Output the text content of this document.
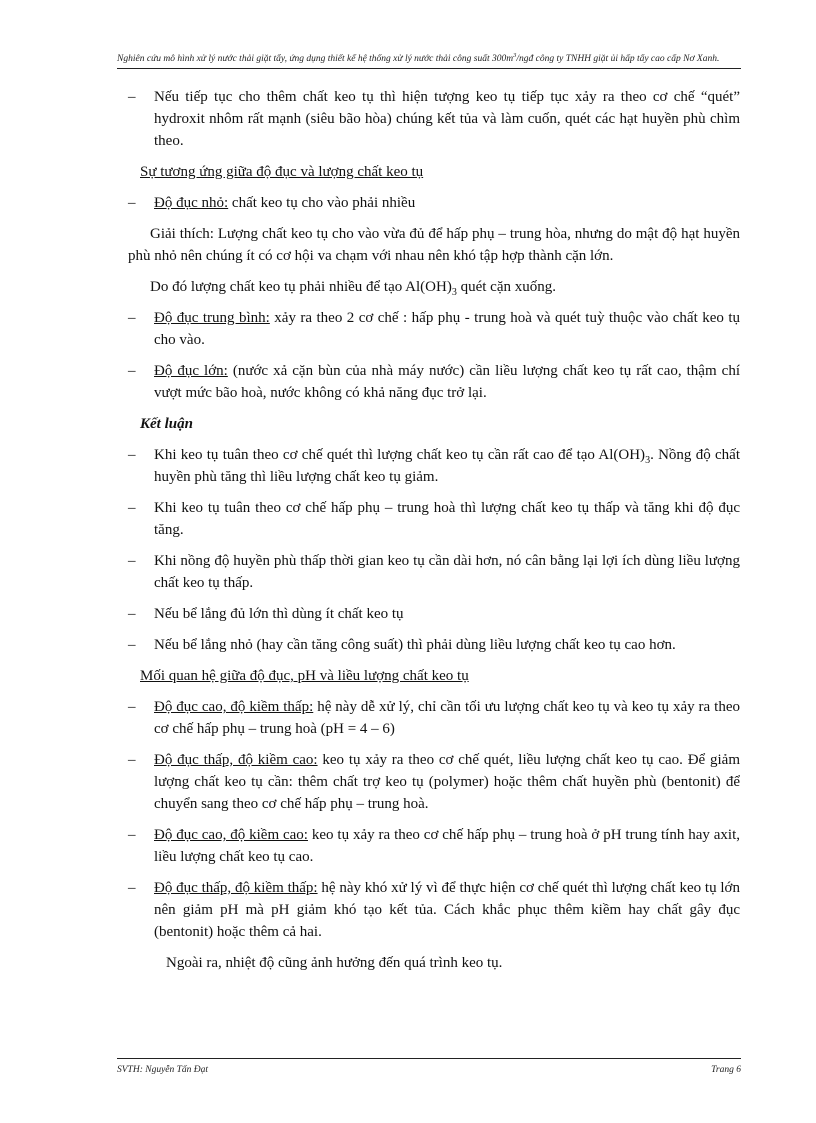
Nghiên cứu mô hình xử lý nước thải giặt tẩy, ứng dụng thiết kế hệ thống xử lý nước thải công suất $300m^3$/ngđ công ty TNHH giặt ủi hấp tẩy cao cấp Nơ Xanh.
– Nếu tiếp tục cho thêm chất keo tụ thì hiện tượng keo tụ tiếp tục xảy ra theo cơ chế “quét” hydroxit nhôm rất mạnh (siêu bão hòa) chúng kết tủa và làm cuốn, quét các hạt huyền phù chìm theo.
Sự tương ứng giữa độ đục và lượng chất keo tụ
– Độ đục nhỏ: chất keo tụ cho vào phải nhiều
Giải thích: Lượng chất keo tụ cho vào vừa đủ để hấp phụ – trung hòa, nhưng do mật độ hạt huyền phù nhỏ nên chúng ít có cơ hội va chạm với nhau nên khó tập hợp thành cặn lớn.
Do đó lượng chất keo tụ phải nhiều để tạo $Al(OH)_3$ quét cặn xuống.
– Độ đục trung bình: xảy ra theo 2 cơ chế : hấp phụ - trung hoà và quét tuỳ thuộc vào chất keo tụ cho vào.
– Độ đục lớn: (nước xả cặn bùn của nhà máy nước) cần liều lượng chất keo tụ rất cao, thậm chí vượt mức bão hoà, nước không có khả năng đục trở lại.
Kết luận
– Khi keo tụ tuân theo cơ chế quét thì lượng chất keo tụ cần rất cao để tạo $Al(OH)_3$. Nồng độ chất huyền phù tăng thì liều lượng chất keo tụ giảm.
– Khi keo tụ tuân theo cơ chế hấp phụ – trung hoà thì lượng chất keo tụ thấp và tăng khi độ đục tăng.
– Khi nồng độ huyền phù thấp thời gian keo tụ cần dài hơn, nó cân bằng lại lợi ích dùng liều lượng chất keo tụ thấp.
– Nếu bể lắng đủ lớn thì dùng ít chất keo tụ
– Nếu bể lắng nhỏ (hay cần tăng công suất) thì phải dùng liều lượng chất keo tụ cao hơn.
Mối quan hệ giữa độ đục, pH và liều lượng chất keo tụ
– Độ đục cao, độ kiềm thấp: hệ này dễ xử lý, chỉ cần tối ưu lượng chất keo tụ và keo tụ xảy ra theo cơ chế hấp phụ – trung hoà (pH = 4 – 6)
– Độ đục thấp, độ kiềm cao: keo tụ xảy ra theo cơ chế quét, liều lượng chất keo tụ cao. Để giảm lượng chất keo tụ cần: thêm chất trợ keo tụ (polymer) hoặc thêm chất huyền phù (bentonit) để chuyển sang theo cơ chế hấp phụ – trung hoà.
– Độ đục cao, độ kiềm cao: keo tụ xảy ra theo cơ chế hấp phụ – trung hoà ở pH trung tính hay axit, liều lượng chất keo tụ cao.
– Độ đục thấp, độ kiềm thấp: hệ này khó xử lý vì để thực hiện cơ chế quét thì lượng chất keo tụ lớn nên giảm pH mà pH giảm khó tạo kết tủa. Cách khắc phục thêm kiềm hay chất gây đục (bentonit) hoặc thêm cả hai.
Ngoài ra, nhiệt độ cũng ảnh hưởng đến quá trình keo tụ.
SVTH: Nguyễn Tấn Đạt	Trang 6
